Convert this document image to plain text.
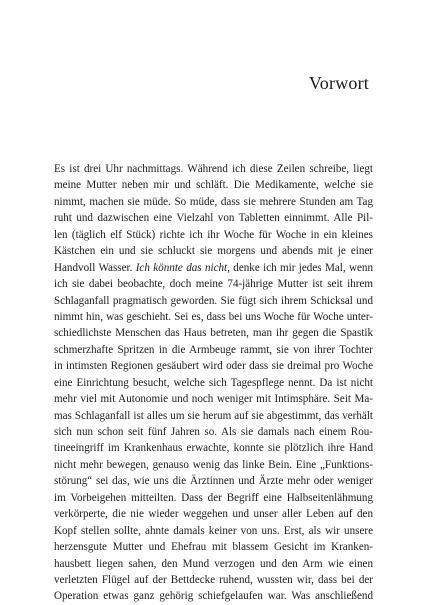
Vorwort
Es ist drei Uhr nachmittags. Während ich diese Zeilen schreibe, liegt
meine Mutter neben mir und schläft. Die Medikamente, welche sie
nimmt, machen sie müde. So müde, dass sie mehrere Stunden am Tag
ruht und dazwischen eine Vielzahl von Tabletten einnimmt. Alle Pil-
len (täglich elf Stück) richte ich ihr Woche für Woche in ein kleines
Kästchen ein und sie schluckt sie morgens und abends mit je einer
Handvoll Wasser. Ich könnte das nicht, denke ich mir jedes Mal, wenn
ich sie dabei beobachte, doch meine 74-jährige Mutter ist seit ihrem
Schlaganfall pragmatisch geworden. Sie fügt sich ihrem Schicksal und
nimmt hin, was geschieht. Sei es, dass bei uns Woche für Woche unter-
schiedlichste Menschen das Haus betreten, man ihr gegen die Spastik
schmerzhafte Spritzen in die Armbeuge rammt, sie von ihrer Tochter
in intimsten Regionen gesäubert wird oder dass sie dreimal pro Woche
eine Einrichtung besucht, welche sich Tagespflege nennt. Da ist nicht
mehr viel mit Autonomie und noch weniger mit Intimsphäre. Seit Ma-
mas Schlaganfall ist alles um sie herum auf sie abgestimmt, das verhält
sich nun schon seit fünf Jahren so. Als sie damals nach einem Rou-
tineeingriff im Krankenhaus erwachte, konnte sie plötzlich ihre Hand
nicht mehr bewegen, genauso wenig das linke Bein. Eine „Funktions-
störung“ sei das, wie uns die Ärztinnen und Ärzte mehr oder weniger
im Vorbeigehen mitteilten. Dass der Begriff eine Halbseitenlähmung
verkörperte, die nie wieder weggehen und unser aller Leben auf den
Kopf stellen sollte, ahnte damals keiner von uns. Erst, als wir unsere
herzensgute Mutter und Ehefrau mit blassem Gesicht im Kranken-
hausbett liegen sahen, den Mund verzogen und den Arm wie einen
verletzten Flügel auf der Bettdecke ruhend, wussten wir, dass bei der
Operation etwas ganz gehörig schiefgelaufen war. Was anschließend
